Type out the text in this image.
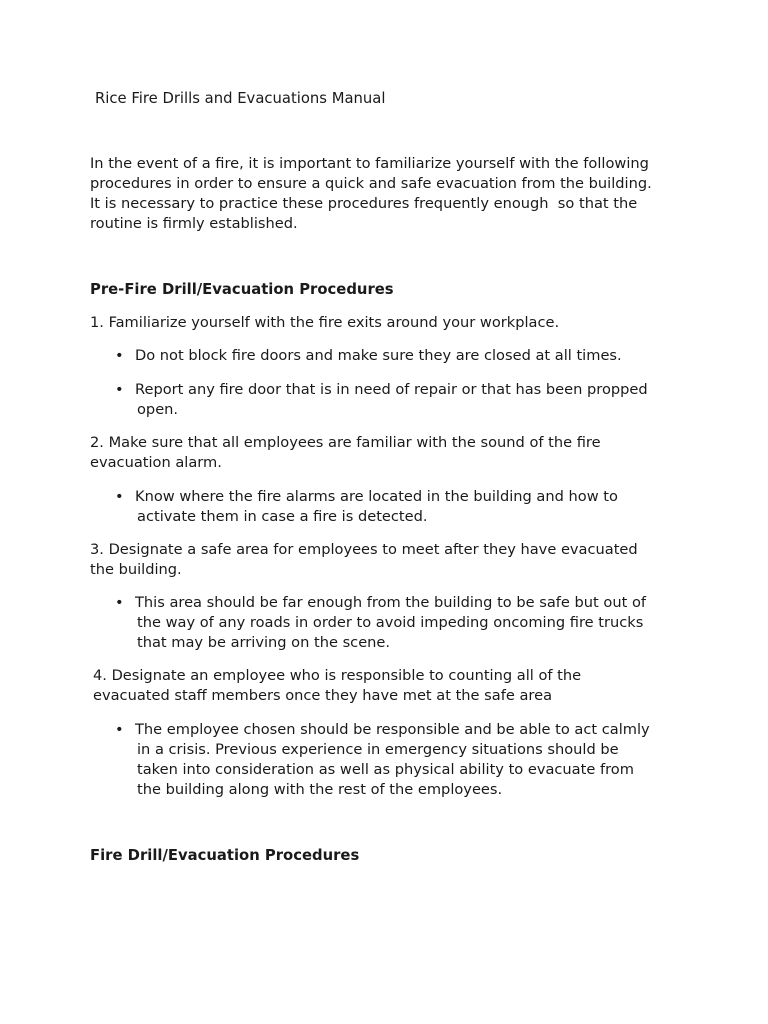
Rice Fire Drills and Evacuations Manual
In the event of a fire, it is important to familiarize yourself with the following
procedures in order to ensure a quick and safe evacuation from the building.
It is necessary to practice these procedures frequently enough  so that the
routine is firmly established.
Pre-Fire Drill/Evacuation Procedures
1. Familiarize yourself with the fire exits around your workplace.
• Do not block fire doors and make sure they are closed at all times.
• Report any fire door that is in need of repair or that has been propped
open.
2. Make sure that all employees are familiar with the sound of the fire
evacuation alarm.
• Know where the fire alarms are located in the building and how to
activate them in case a fire is detected.
3. Designate a safe area for employees to meet after they have evacuated
the building.
• This area should be far enough from the building to be safe but out of
the way of any roads in order to avoid impeding oncoming fire trucks
that may be arriving on the scene.
4. Designate an employee who is responsible to counting all of the
evacuated staff members once they have met at the safe area
• The employee chosen should be responsible and be able to act calmly
in a crisis. Previous experience in emergency situations should be
taken into consideration as well as physical ability to evacuate from
the building along with the rest of the employees.
Fire Drill/Evacuation Procedures
